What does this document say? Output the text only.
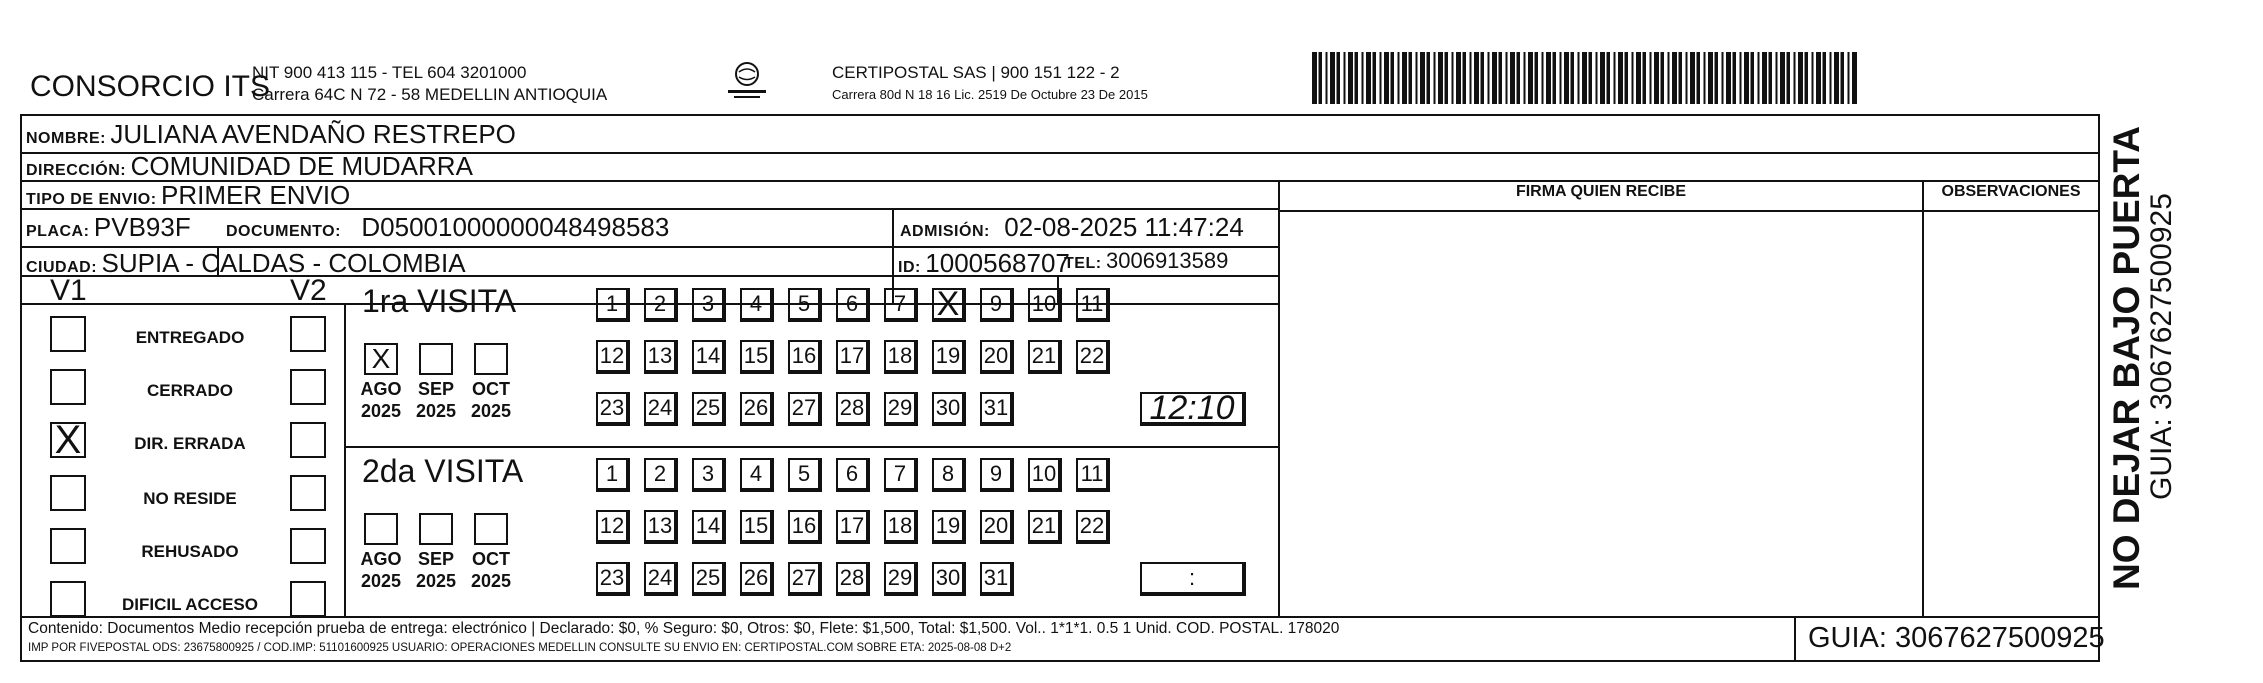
CONSORCIO ITS
NIT 900 413 115 - TEL 604 3201000
Carrera 64C N 72 - 58 MEDELLIN ANTIOQUIA
CERTIPOSTAL SAS | 900 151 122 - 2
Carrera 80d N 18 16 Lic. 2519 De Octubre 23 De 2015
NOMBRE: JULIANA AVENDAÑO RESTREPO
DIRECCIÓN: COMUNIDAD DE MUDARRA
TIPO DE ENVIO: PRIMER ENVIO	FIRMA QUIEN RECIBE	OBSERVACIONES
PLACA: PVB93F DOCUMENTO: D05001000000048498583	ADMISIÓN: 02-08-2025 11:47:24
CIUDAD: SUPIA - CALDAS - COLOMBIA	ID: 1000568707
TEL: 3006913589
V1	V2
ENTREGADO
CERRADO
X	DIR. ERRADA
NO RESIDE
REHUSADO
DIFICIL ACCESO
1ra VISITA
X
AGO
2025
SEP
2025
OCT
2025
1	2	3	4	5	6	7 X	9	10 11
12 13 14 15 16 17 18 19 20 21 22
23 24 25 26 27 28 29 30 31	12:10
2da VISITA
AGO
2025
SEP
2025
OCT
2025
1	2	3	4	5	6	7	8	9	10 11
12 13 14 15 16 17 18 19 20 21 22
23 24 25 26 27 28 29 30 31	:
Contenido: Documentos Medio recepción prueba de entrega: electrónico | Declarado: $0, % Seguro: $0, Otros: $0, Flete: $1,500, Total: $1,500. Vol.. 1*1*1. 0.5 1 Unid. COD. POSTAL. 178020
IMP POR FIVEPOSTAL ODS: 23675800925 / COD.IMP: 51101600925 USUARIO: OPERACIONES MEDELLIN CONSULTE SU ENVIO EN: CERTIPOSTAL.COM SOBRE ETA: 2025-08-08 D+2	GUIA: 3067627500925
NO DEJAR BAJO PUERTA
GUIA: 3067627500925
